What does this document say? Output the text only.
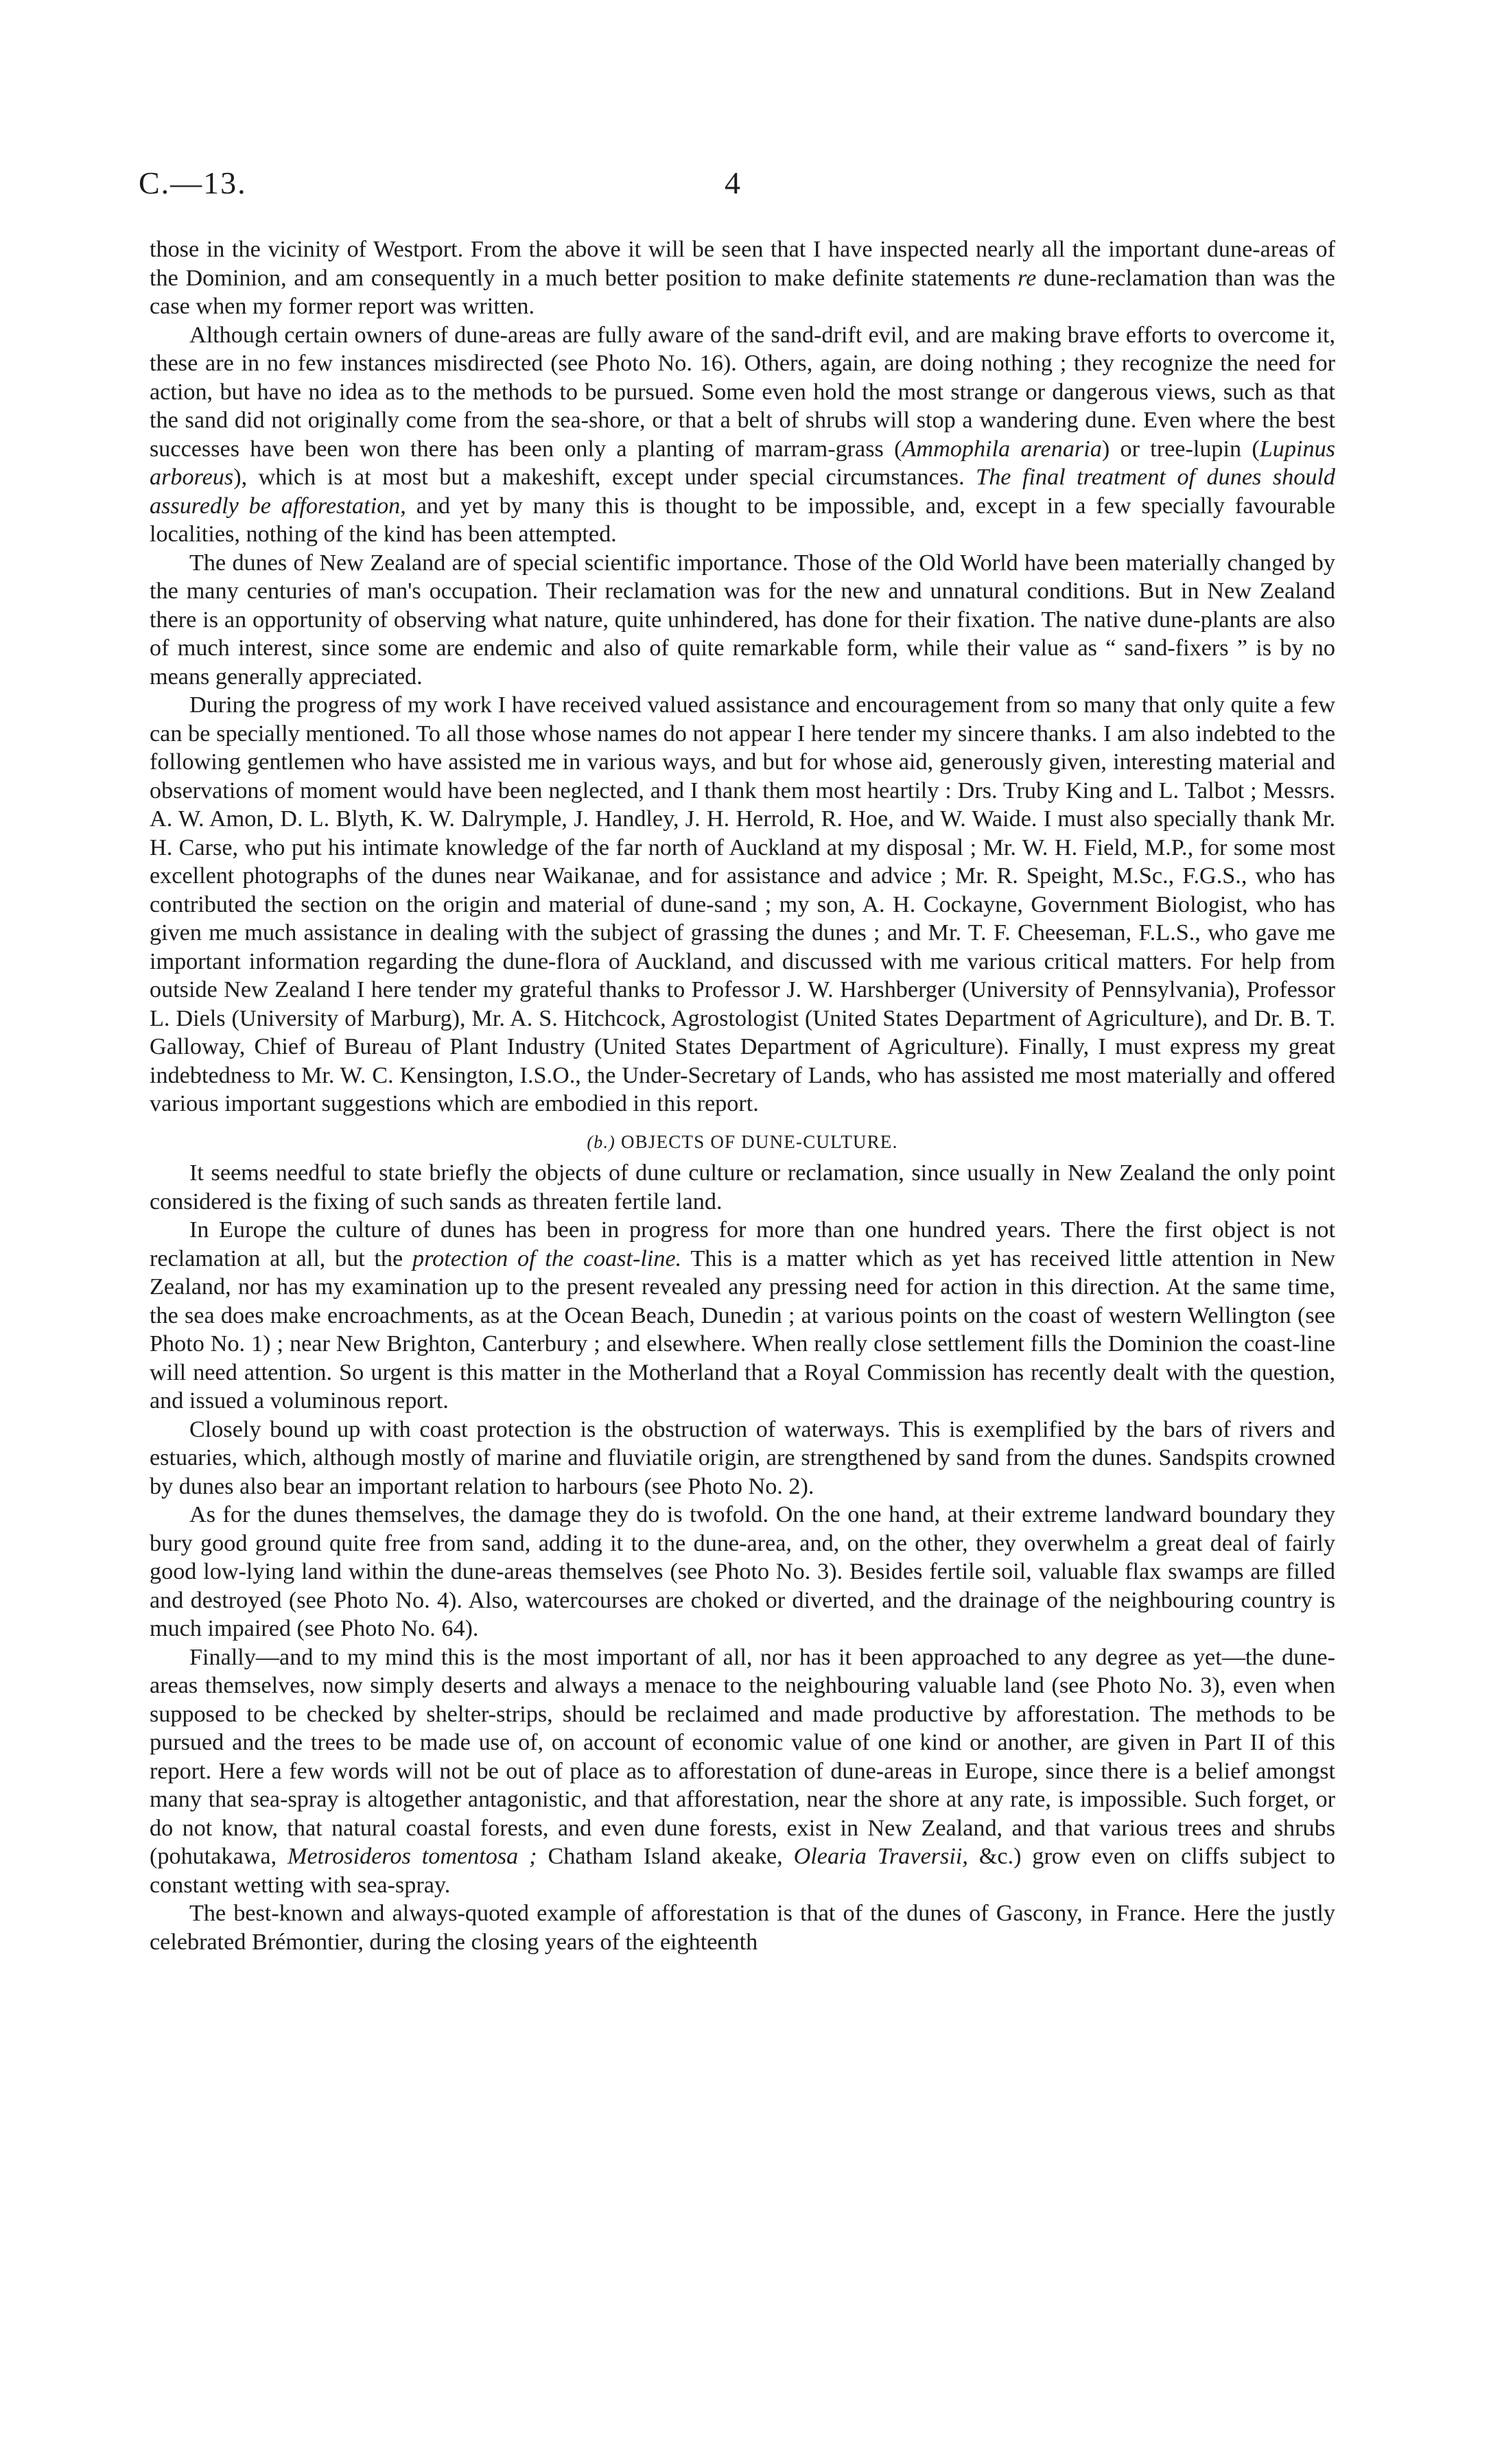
C.—13.	4

those in the vicinity of Westport. From the above it will be seen that I have inspected nearly all the important dune-areas of the Dominion, and am consequently in a much better position to make definite statements re dune-reclamation than was the case when my former report was written.

Although certain owners of dune-areas are fully aware of the sand-drift evil, and are making brave efforts to overcome it, these are in no few instances misdirected (see Photo No. 16). Others, again, are doing nothing ; they recognize the need for action, but have no idea as to the methods to be pursued. Some even hold the most strange or dangerous views, such as that the sand did not originally come from the sea-shore, or that a belt of shrubs will stop a wandering dune. Even where the best successes have been won there has been only a planting of marram-grass (Ammophila arenaria) or tree-lupin (Lupinus arboreus), which is at most but a makeshift, except under special circumstances. The final treatment of dunes should assuredly be afforestation, and yet by many this is thought to be impossible, and, except in a few specially favourable localities, nothing of the kind has been attempted.

The dunes of New Zealand are of special scientific importance. Those of the Old World have been materially changed by the many centuries of man's occupation. Their reclamation was for the new and unnatural conditions. But in New Zealand there is an opportunity of observing what nature, quite unhindered, has done for their fixation. The native dune-plants are also of much interest, since some are endemic and also of quite remarkable form, while their value as “ sand-fixers ” is by no means generally appreciated.

During the progress of my work I have received valued assistance and encouragement from so many that only quite a few can be specially mentioned. To all those whose names do not appear I here tender my sincere thanks. I am also indebted to the following gentlemen who have assisted me in various ways, and but for whose aid, generously given, interesting material and observations of moment would have been neglected, and I thank them most heartily : Drs. Truby King and L. Talbot ; Messrs. A. W. Amon, D. L. Blyth, K. W. Dalrymple, J. Handley, J. H. Herrold, R. Hoe, and W. Waide. I must also specially thank Mr. H. Carse, who put his intimate knowledge of the far north of Auckland at my disposal ; Mr. W. H. Field, M.P., for some most excellent photographs of the dunes near Waikanae, and for assistance and advice ; Mr. R. Speight, M.Sc., F.G.S., who has contributed the section on the origin and material of dune-sand ; my son, A. H. Cockayne, Government Biologist, who has given me much assistance in dealing with the subject of grassing the dunes ; and Mr. T. F. Cheeseman, F.L.S., who gave me important information regarding the dune-flora of Auckland, and discussed with me various critical matters. For help from outside New Zealand I here tender my grateful thanks to Professor J. W. Harshberger (University of Pennsylvania), Professor L. Diels (University of Marburg), Mr. A. S. Hitchcock, Agrostologist (United States Department of Agriculture), and Dr. B. T. Galloway, Chief of Bureau of Plant Industry (United States Department of Agriculture). Finally, I must express my great indebtedness to Mr. W. C. Kensington, I.S.O., the Under-Secretary of Lands, who has assisted me most materially and offered various important suggestions which are embodied in this report.

(b.) OBJECTS OF DUNE-CULTURE.

It seems needful to state briefly the objects of dune culture or reclamation, since usually in New Zealand the only point considered is the fixing of such sands as threaten fertile land.

In Europe the culture of dunes has been in progress for more than one hundred years. There the first object is not reclamation at all, but the protection of the coast-line. This is a matter which as yet has received little attention in New Zealand, nor has my examination up to the present revealed any pressing need for action in this direction. At the same time, the sea does make encroachments, as at the Ocean Beach, Dunedin ; at various points on the coast of western Wellington (see Photo No. 1) ; near New Brighton, Canterbury ; and elsewhere. When really close settlement fills the Dominion the coast-line will need attention. So urgent is this matter in the Motherland that a Royal Commission has recently dealt with the question, and issued a voluminous report.

Closely bound up with coast protection is the obstruction of waterways. This is exemplified by the bars of rivers and estuaries, which, although mostly of marine and fluviatile origin, are strengthened by sand from the dunes. Sandspits crowned by dunes also bear an important relation to harbours (see Photo No. 2).

As for the dunes themselves, the damage they do is twofold. On the one hand, at their extreme landward boundary they bury good ground quite free from sand, adding it to the dune-area, and, on the other, they overwhelm a great deal of fairly good low-lying land within the dune-areas themselves (see Photo No. 3). Besides fertile soil, valuable flax swamps are filled and destroyed (see Photo No. 4). Also, watercourses are choked or diverted, and the drainage of the neighbouring country is much impaired (see Photo No. 64).

Finally—and to my mind this is the most important of all, nor has it been approached to any degree as yet—the dune-areas themselves, now simply deserts and always a menace to the neighbouring valuable land (see Photo No. 3), even when supposed to be checked by shelter-strips, should be reclaimed and made productive by afforestation. The methods to be pursued and the trees to be made use of, on account of economic value of one kind or another, are given in Part II of this report. Here a few words will not be out of place as to afforestation of dune-areas in Europe, since there is a belief amongst many that sea-spray is altogether antagonistic, and that afforestation, near the shore at any rate, is impossible. Such forget, or do not know, that natural coastal forests, and even dune forests, exist in New Zealand, and that various trees and shrubs (pohutakawa, Metrosideros tomentosa ; Chatham Island akeake, Olearia Traversii, &c.) grow even on cliffs subject to constant wetting with sea-spray.

The best-known and always-quoted example of afforestation is that of the dunes of Gascony, in France. Here the justly celebrated Brémontier, during the closing years of the eighteenth
